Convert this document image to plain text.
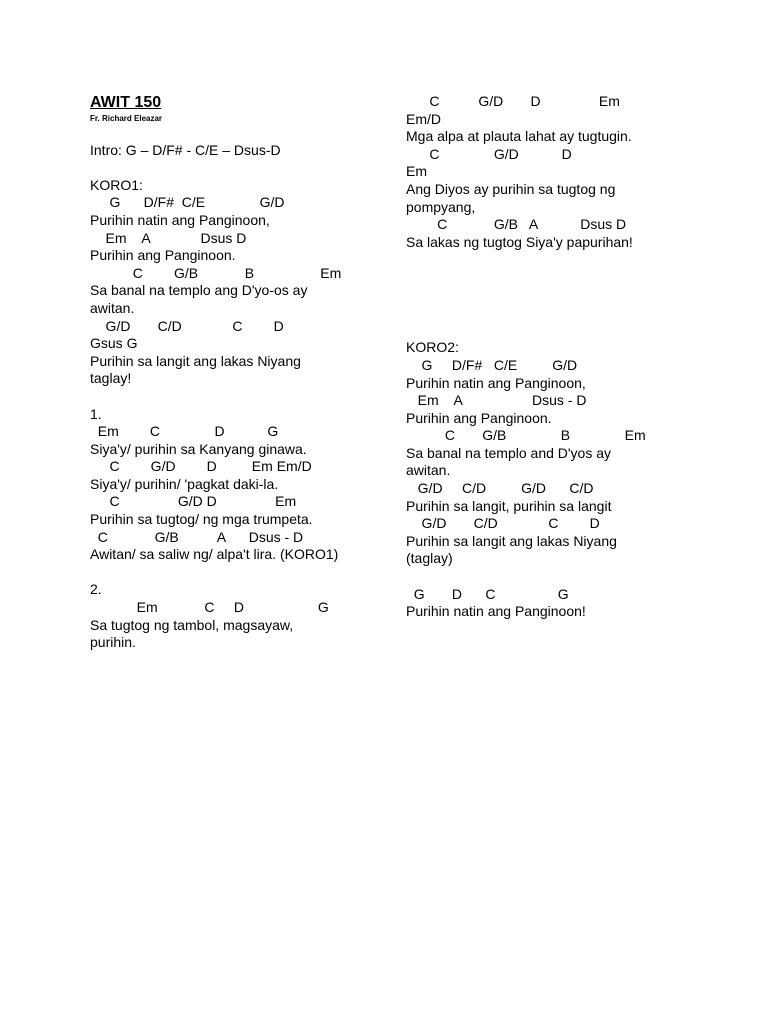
AWIT 150
Fr. Richard Eleazar
Intro: G – D/F# - C/E – Dsus-D
KORO1:
G      D/F#  C/E              G/D
Purihin natin ang Panginoon,
Em    A             Dsus D
Purihin ang Panginoon.
C        G/B            B                 Em
Sa banal na templo ang D'yo-os ay
awitan.
G/D       C/D             C        D
Gsus G
Purihin sa langit ang lakas Niyang
taglay!
1.
Em        C              D           G
Siya'y/ purihin sa Kanyang ginawa.
C        G/D        D         Em Em/D
Siya'y/ purihin/ 'pagkat daki-la.
C               G/D D               Em
Purihin sa tugtog/ ng mga trumpeta.
C            G/B          A      Dsus - D
Awitan/ sa saliw ng/ alpa't lira. (KORO1)
2.
Em            C     D                   G
Sa tugtog ng tambol, magsayaw,
purihin.
C          G/D       D               Em
Em/D
Mga alpa at plauta lahat ay tugtugin.
C              G/D           D
Em
Ang Diyos ay purihin sa tugtog ng
pompyang,
C            G/B   A           Dsus D
Sa lakas ng tugtog Siya'y papurihan!
KORO2:
G     D/F#   C/E         G/D
Purihin natin ang Panginoon,
Em    A                  Dsus - D
Purihin ang Panginoon.
C       G/B              B              Em
Sa banal na templo and D'yos ay
awitan.
G/D     C/D         G/D      C/D
Purihin sa langit, purihin sa langit
G/D       C/D             C        D
Purihin sa langit ang lakas Niyang
(taglay)
G       D      C                G
Purihin natin ang Panginoon!
